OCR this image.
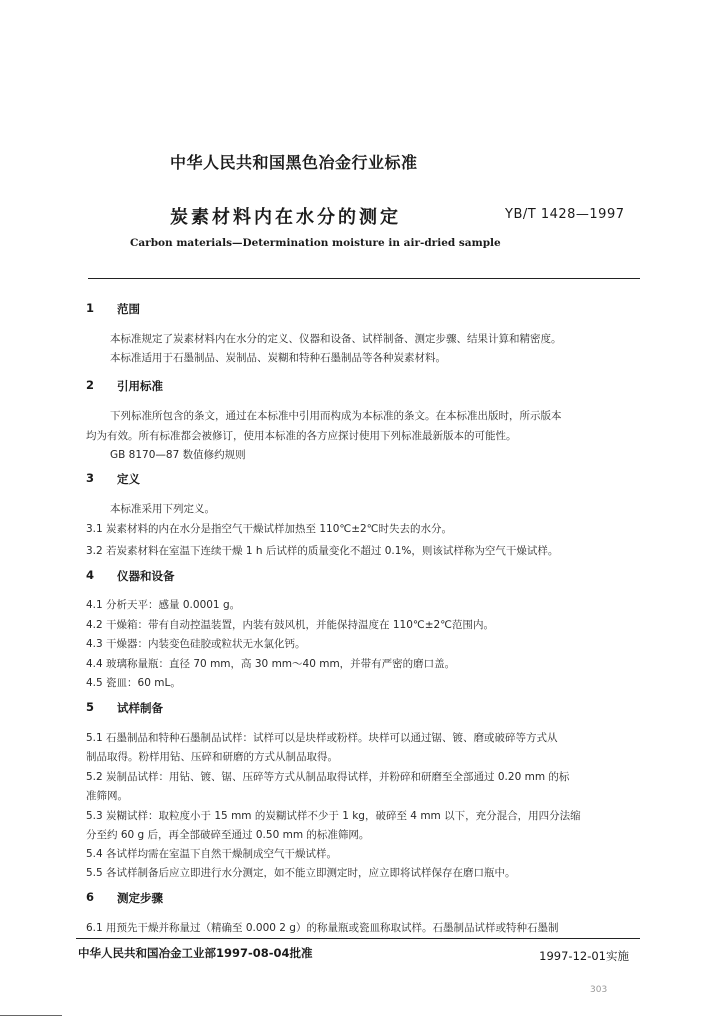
中华人民共和国黑色冶金行业标准
炭素材料内在水分的测定	YB/T 1428—1997
Carbon materials—Determination moisture in air-dried sample
1 范围
本标准规定了炭素材料内在水分的定义、仪器和设备、试样制备、测定步骤、结果计算和精密度。
本标准适用于石墨制品、炭制品、炭糊和特种石墨制品等各种炭素材料。
2 引用标准
下列标准所包含的条文，通过在本标准中引用而构成为本标准的条文。在本标准出版时，所示版本
均为有效。所有标准都会被修订，使用本标准的各方应探讨使用下列标准最新版本的可能性。
GB 8170—87 数值修约规则
3 定义
本标准采用下列定义。
3.1 炭素材料的内在水分是指空气干燥试样加热至 110℃±2℃时失去的水分。
3.2 若炭素材料在室温下连续干燥 1 h 后试样的质量变化不超过 0.1%，则该试样称为空气干燥试样。
4 仪器和设备
4.1 分析天平：感量 0.0001 g。
4.2 干燥箱：带有自动控温装置，内装有鼓风机，并能保持温度在 110℃±2℃范围内。
4.3 干燥器：内装变色硅胶或粒状无水氯化钙。
4.4 玻璃称量瓶：直径 70 mm，高 30 mm～40 mm，并带有严密的磨口盖。
4.5 瓷皿：60 mL。
5 试样制备
5.1 石墨制品和特种石墨制品试样：试样可以是块样或粉样。块样可以通过锯、镀、磨或破碎等方式从
制品取得。粉样用钻、压碎和研磨的方式从制品取得。
5.2 炭制品试样：用钻、镀、锯、压碎等方式从制品取得试样，并粉碎和研磨至全部通过 0.20 mm 的标
准筛网。
5.3 炭糊试样：取粒度小于 15 mm 的炭糊试样不少于 1 kg，破碎至 4 mm 以下，充分混合，用四分法缩
分至约 60 g 后，再全部破碎至通过 0.50 mm 的标准筛网。
5.4 各试样均需在室温下自然干燥制成空气干燥试样。
5.5 各试样制备后应立即进行水分测定，如不能立即测定时，应立即将试样保存在磨口瓶中。
6 测定步骤
6.1 用预先干燥并称量过（精确至 0.000 2 g）的称量瓶或瓷皿称取试样。石墨制品试样或特种石墨制
中华人民共和国冶金工业部1997-08-04批准	1997-12-01实施
303
